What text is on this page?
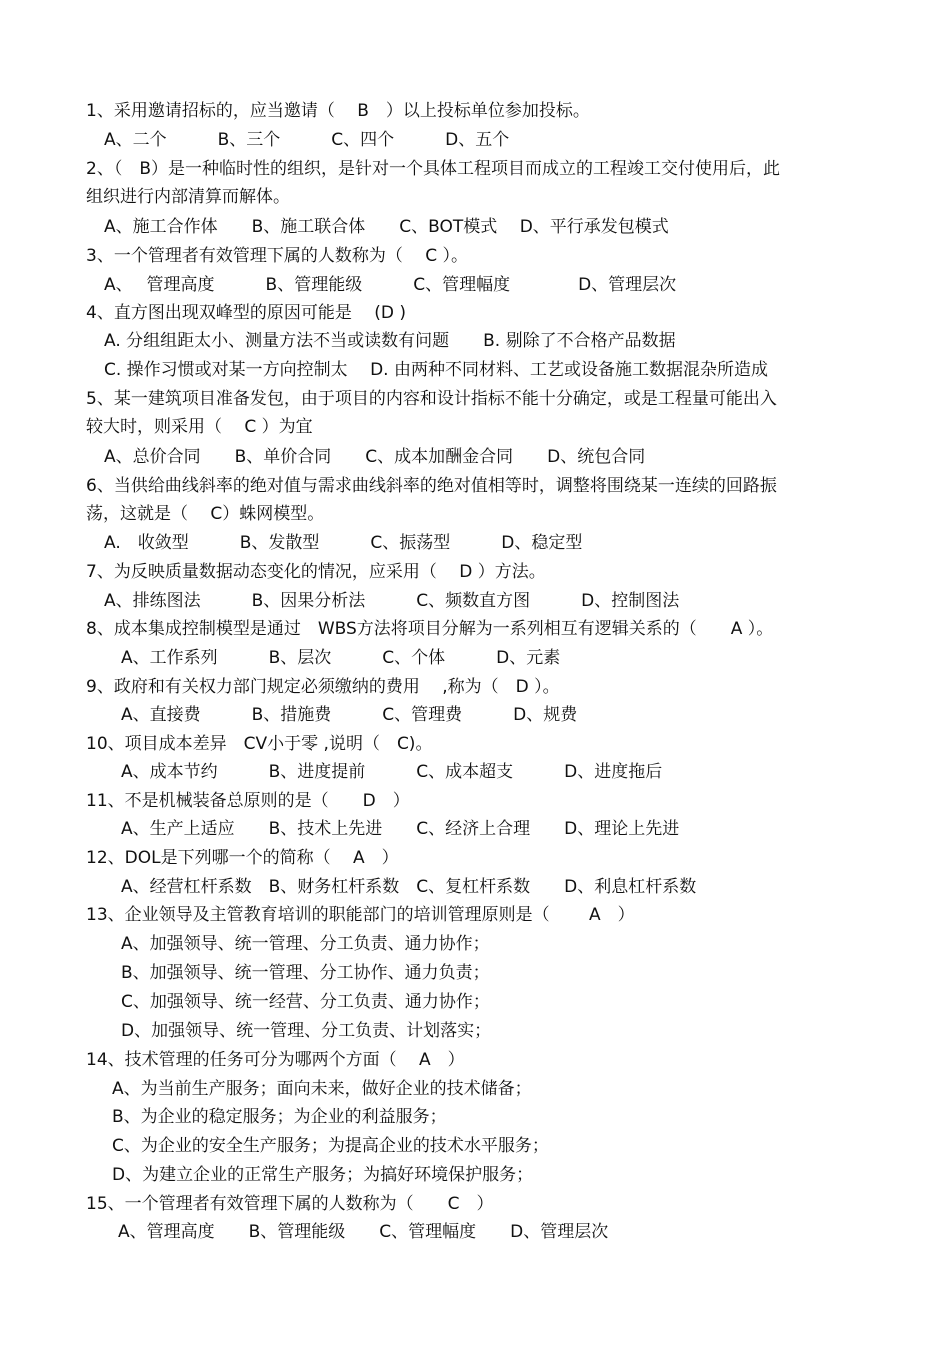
1、采用邀请招标的，应当邀请（　 B　）以上投标单位参加投标。
A、二个　　　B、三个　　　C、四个　　　D、五个
2、（　B）是一种临时性的组织，是针对一个具体工程项目而成立的工程竣工交付使用后，此
组织进行内部清算而解体。
A、施工合作体　　B、施工联合体　　C、BOT模式　 D、平行承发包模式
3、一个管理者有效管理下属的人数称为（　 C ）。
A、　 管理高度　　　B、管理能级　　　C、管理幅度　　　　D、管理层次
4、直方图出现双峰型的原因可能是　 (D )
A. 分组组距太小、测量方法不当或读数有问题　　B. 剔除了不合格产品数据
C. 操作习惯或对某一方向控制太　 D. 由两种不同材料、工艺或设备施工数据混杂所造成
5、某一建筑项目准备发包，由于项目的内容和设计指标不能十分确定，或是工程量可能出入
较大时，则采用（　 C ）为宜
A、总价合同　　B、单价合同　　C、成本加酬金合同　　D、统包合同
6、当供给曲线斜率的绝对值与需求曲线斜率的绝对值相等时，调整将围绕某一连续的回路振
荡，这就是（　 C）蛛网模型。
A.　收敛型　　　B、发散型　　　C、振荡型　　　D、稳定型
7、为反映质量数据动态变化的情况，应采用（　 D ）方法。
A、排练图法　　　B、因果分析法　　　C、频数直方图　　　D、控制图法
8、成本集成控制模型是通过　WBS方法将项目分解为一系列相互有逻辑关系的（　　A ）。
　A、工作系列　　　B、层次　　　C、个体　　　D、元素
9、政府和有关权力部门规定必须缴纳的费用　 ,称为（　D ）。
　A、直接费　　　B、措施费　　　C、管理费　　　D、规费
10、项目成本差异　CV小于零 ,说明（　C)。
　A、成本节约　　　B、进度提前　　　C、成本超支　　　D、进度拖后
11、不是机械装备总原则的是（　　D　）
　A、生产上适应　　B、技术上先进　　C、经济上合理　　D、理论上先进
12、DOL是下列哪一个的简称（　 A　）
　A、经营杠杆系数　B、财务杠杆系数　C、复杠杆系数　　D、利息杠杆系数
13、企业领导及主管教育培训的职能部门的培训管理原则是（　　 A　）
　A、加强领导、统一管理、分工负责、通力协作；
　B、加强领导、统一管理、分工协作、通力负责；
　C、加强领导、统一经营、分工负责、通力协作；
　D、加强领导、统一管理、分工负责、计划落实；
14、技术管理的任务可分为哪两个方面（　 A　）
A、为当前生产服务；面向未来，做好企业的技术储备；
B、为企业的稳定服务；为企业的利益服务；
C、为企业的安全生产服务；为提高企业的技术水平服务；
D、为建立企业的正常生产服务；为搞好环境保护服务；
15、一个管理者有效管理下属的人数称为（　　C　）
A、管理高度　　B、管理能级　　C、管理幅度　　D、管理层次
